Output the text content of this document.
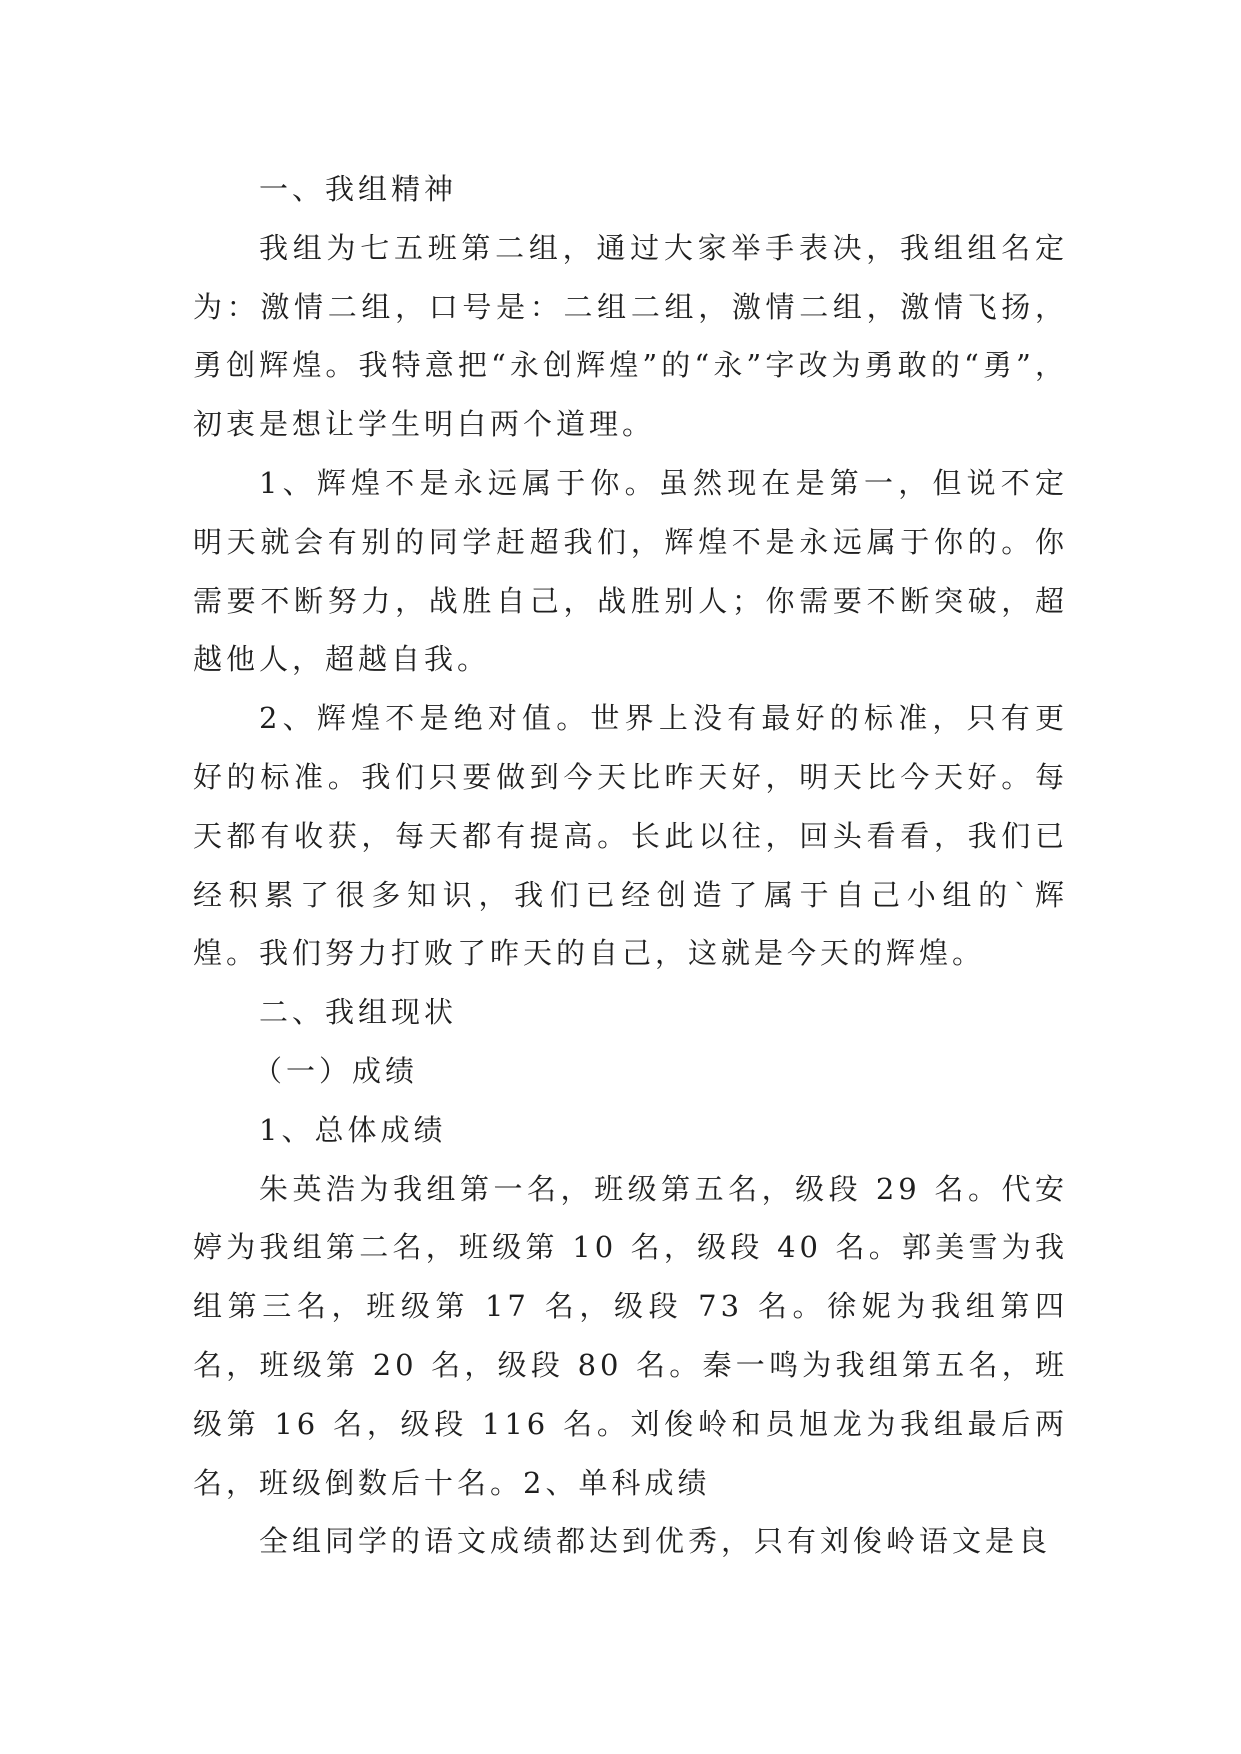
一、我组精神

我组为七五班第二组，通过大家举手表决，我组组名定为：激情二组，口号是：二组二组，激情二组，激情飞扬，勇创辉煌。我特意把“永创辉煌”的“永”字改为勇敢的“勇”，初衷是想让学生明白两个道理。

1、辉煌不是永远属于你。虽然现在是第一，但说不定明天就会有别的同学赶超我们，辉煌不是永远属于你的。你需要不断努力，战胜自己，战胜别人；你需要不断突破，超越他人，超越自我。

2、辉煌不是绝对值。世界上没有最好的标准，只有更好的标准。我们只要做到今天比昨天好，明天比今天好。每天都有收获，每天都有提高。长此以往，回头看看，我们已经积累了很多知识，我们已经创造了属于自己小组的`辉煌。我们努力打败了昨天的自己，这就是今天的辉煌。

二、我组现状

（一）成绩

1、总体成绩

朱英浩为我组第一名，班级第五名，级段 29 名。代安婷为我组第二名，班级第 10 名，级段 40 名。郭美雪为我组第三名，班级第 17 名，级段 73 名。徐妮为我组第四名，班级第 20 名，级段 80 名。秦一鸣为我组第五名，班级第 16 名，级段 116 名。刘俊岭和员旭龙为我组最后两名，班级倒数后十名。2、单科成绩

全组同学的语文成绩都达到优秀，只有刘俊岭语文是良
